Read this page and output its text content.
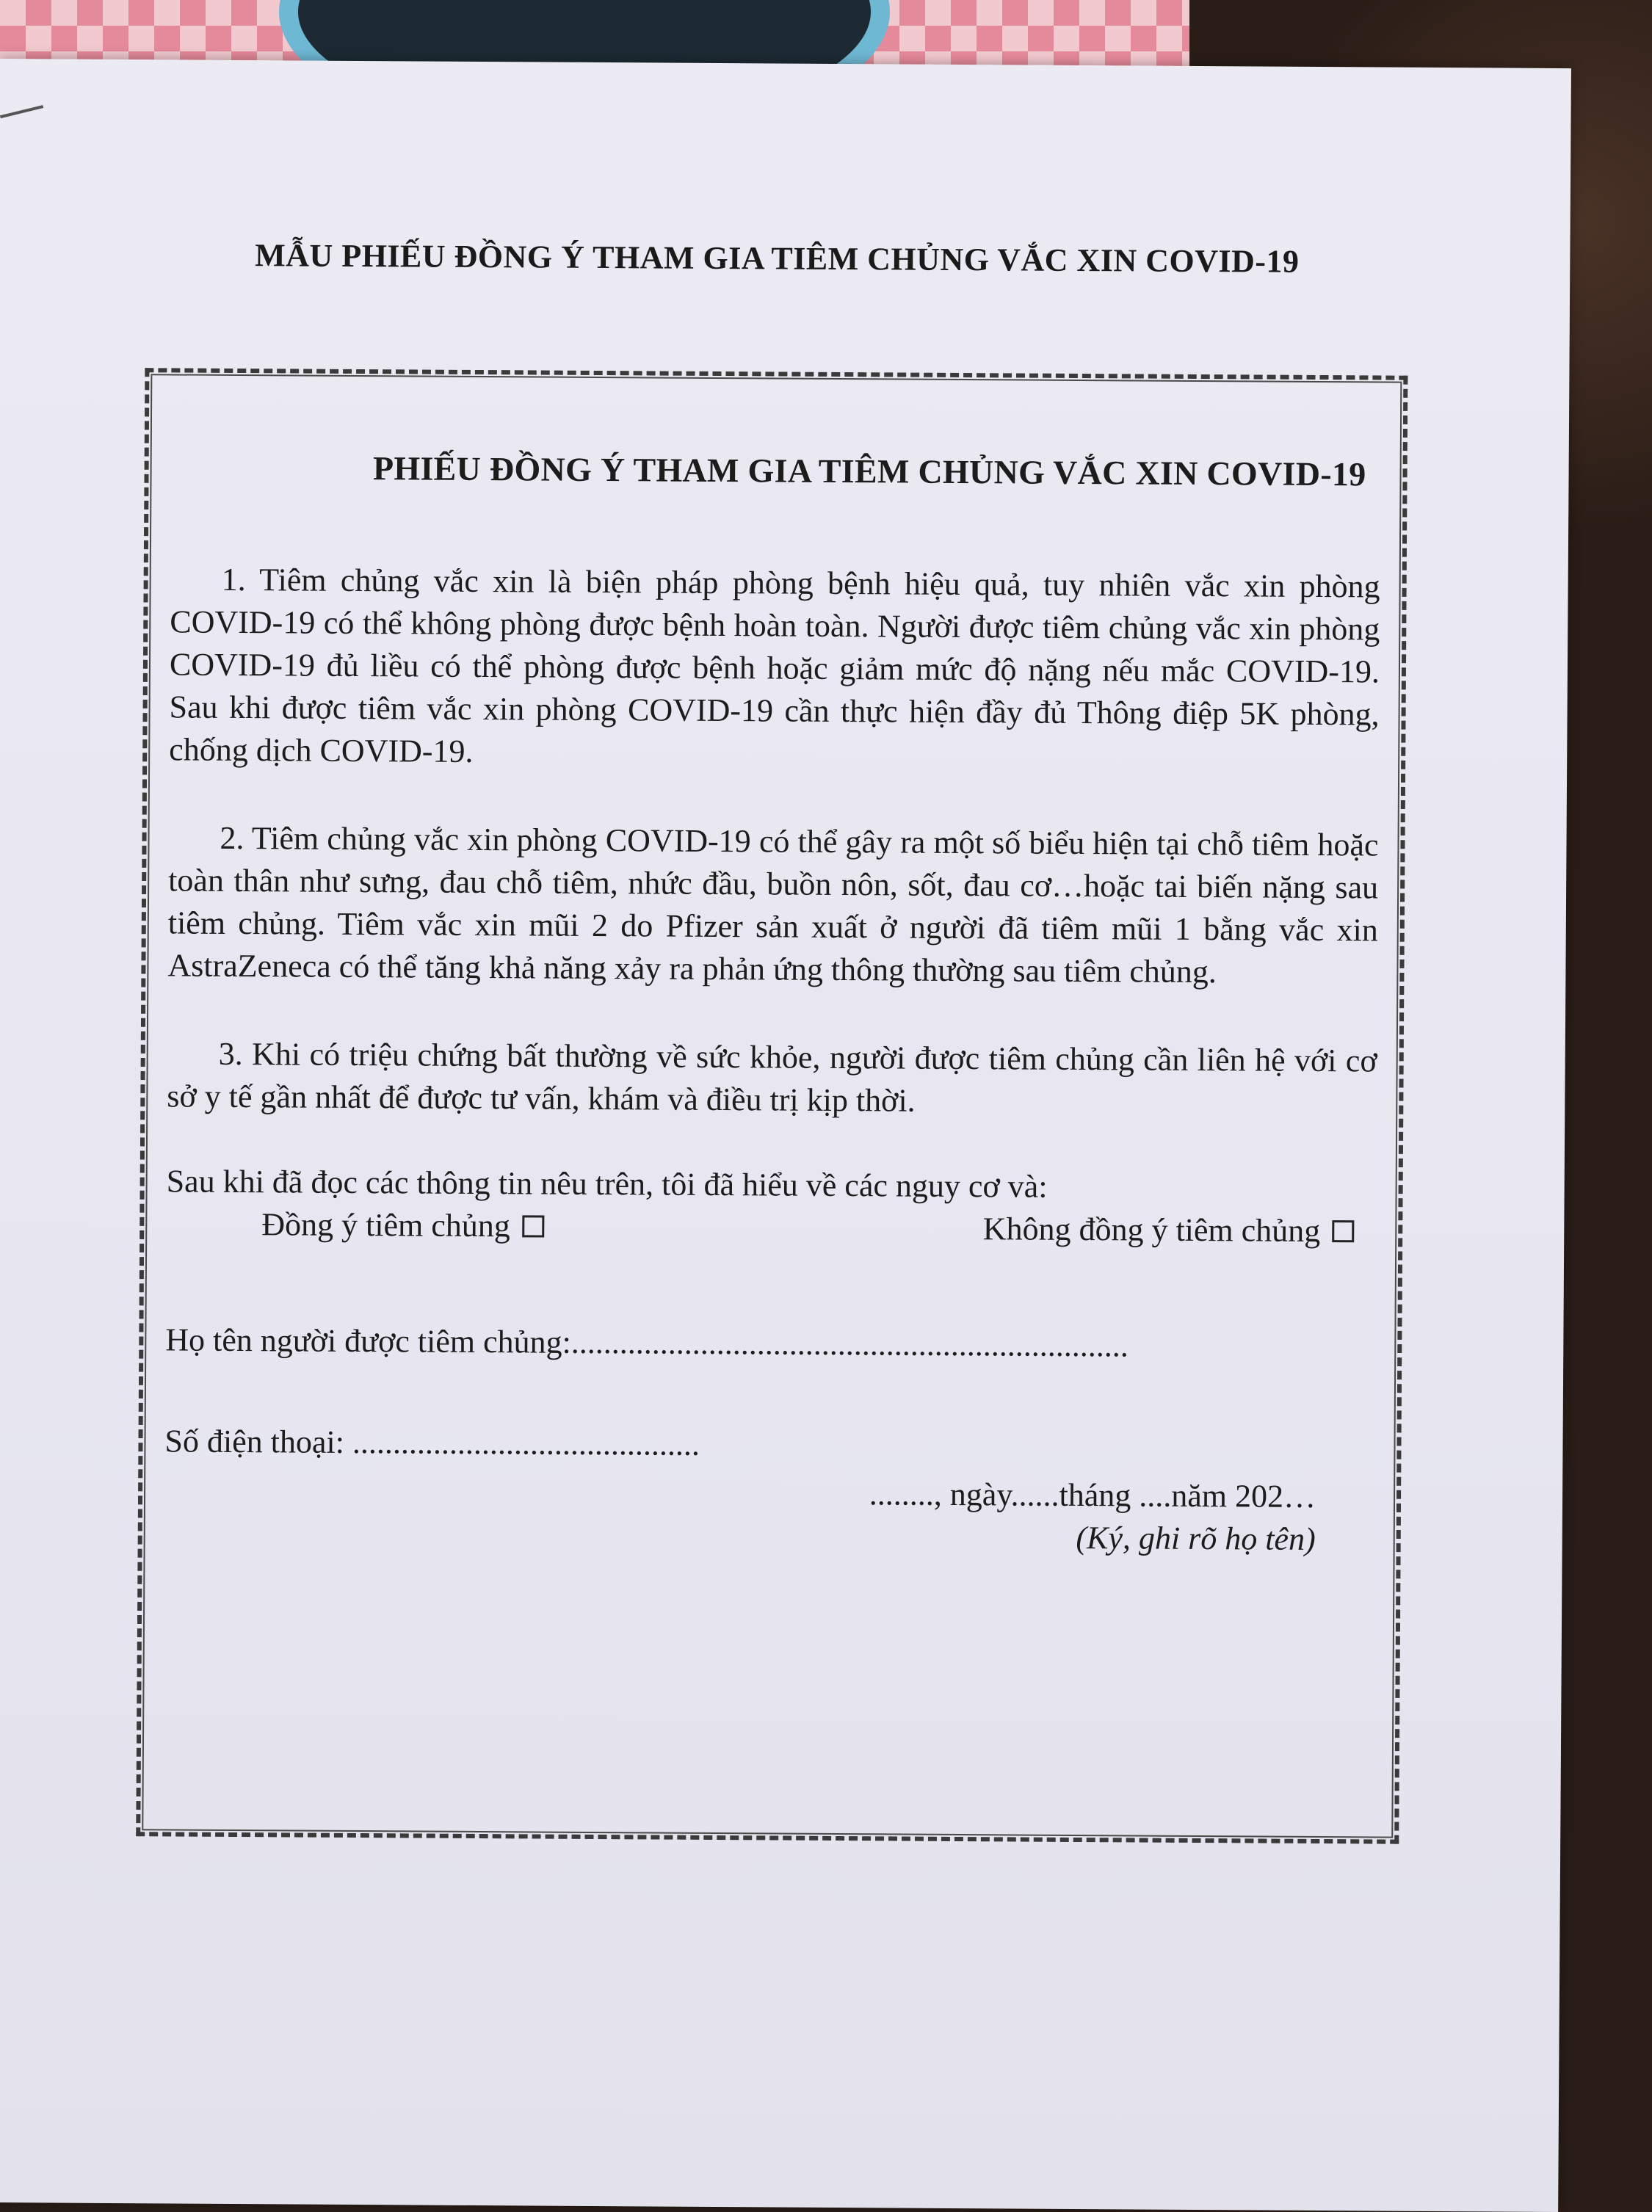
MẪU PHIẾU ĐỒNG Ý THAM GIA TIÊM CHỦNG VẮC XIN COVID-19
PHIẾU ĐỒNG Ý THAM GIA TIÊM CHỦNG VẮC XIN COVID-19
1. Tiêm chủng vắc xin là biện pháp phòng bệnh hiệu quả, tuy nhiên vắc xin phòng COVID-19 có thể không phòng được bệnh hoàn toàn. Người được tiêm chủng vắc xin phòng COVID-19 đủ liều có thể phòng được bệnh hoặc giảm mức độ nặng nếu mắc COVID-19. Sau khi được tiêm vắc xin phòng COVID-19 cần thực hiện đầy đủ Thông điệp 5K phòng, chống dịch COVID-19.
2. Tiêm chủng vắc xin phòng COVID-19 có thể gây ra một số biểu hiện tại chỗ tiêm hoặc toàn thân như sưng, đau chỗ tiêm, nhức đầu, buồn nôn, sốt, đau cơ…hoặc tai biến nặng sau tiêm chủng. Tiêm vắc xin mũi 2 do Pfizer sản xuất ở người đã tiêm mũi 1 bằng vắc xin AstraZeneca có thể tăng khả năng xảy ra phản ứng thông thường sau tiêm chủng.
3. Khi có triệu chứng bất thường về sức khỏe, người được tiêm chủng cần liên hệ với cơ sở y tế gần nhất để được tư vấn, khám và điều trị kịp thời.
Sau khi đã đọc các thông tin nêu trên, tôi đã hiểu về các nguy cơ và:
Đồng ý tiêm chủng	Không đồng ý tiêm chủng
Họ tên người được tiêm chủng:.....................................................................
Số điện thoại: ...........................................
........, ngày......tháng ....năm 202…
(Ký, ghi rõ họ tên)
